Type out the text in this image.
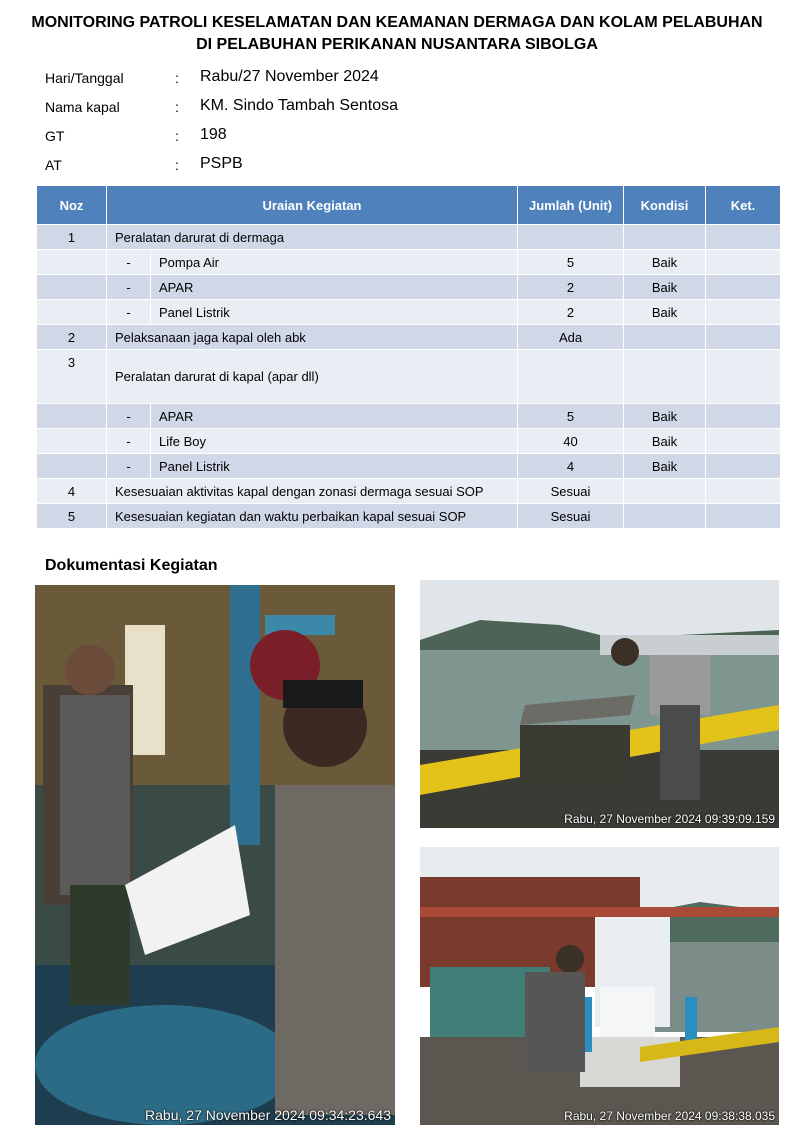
MONITORING PATROLI KESELAMATAN DAN KEAMANAN DERMAGA DAN KOLAM PELABUHAN
DI PELABUHAN PERIKANAN NUSANTARA SIBOLGA
Hari/Tanggal	: Rabu/27 November 2024
Nama kapal	: KM. Sindo Tambah Sentosa
GT	: 198
AT	: PSPB
Noz	Uraian Kegiatan		Jumlah (Unit)	Kondisi	Ket.
1	Peralatan darurat di dermaga				
	-	Pompa Air	5	Baik	
	-	APAR	2	Baik	
	-	Panel Listrik	2	Baik	
2	Pelaksanaan jaga kapal oleh abk		Ada		
3	Peralatan darurat di kapal (apar dll)				
	-	APAR	5	Baik	
	-	Life Boy	40	Baik	
	-	Panel Listrik	4	Baik	
4	Kesesuaian aktivitas kapal dengan zonasi dermaga sesuai SOP		Sesuai		
5	Kesesuaian kegiatan dan waktu perbaikan kapal sesuai SOP		Sesuai		
Dokumentasi Kegiatan
Rabu, 27 November 2024 09:34:23.643
Rabu, 27 November 2024 09:39:09.159
Rabu, 27 November 2024 09:38:38.035
